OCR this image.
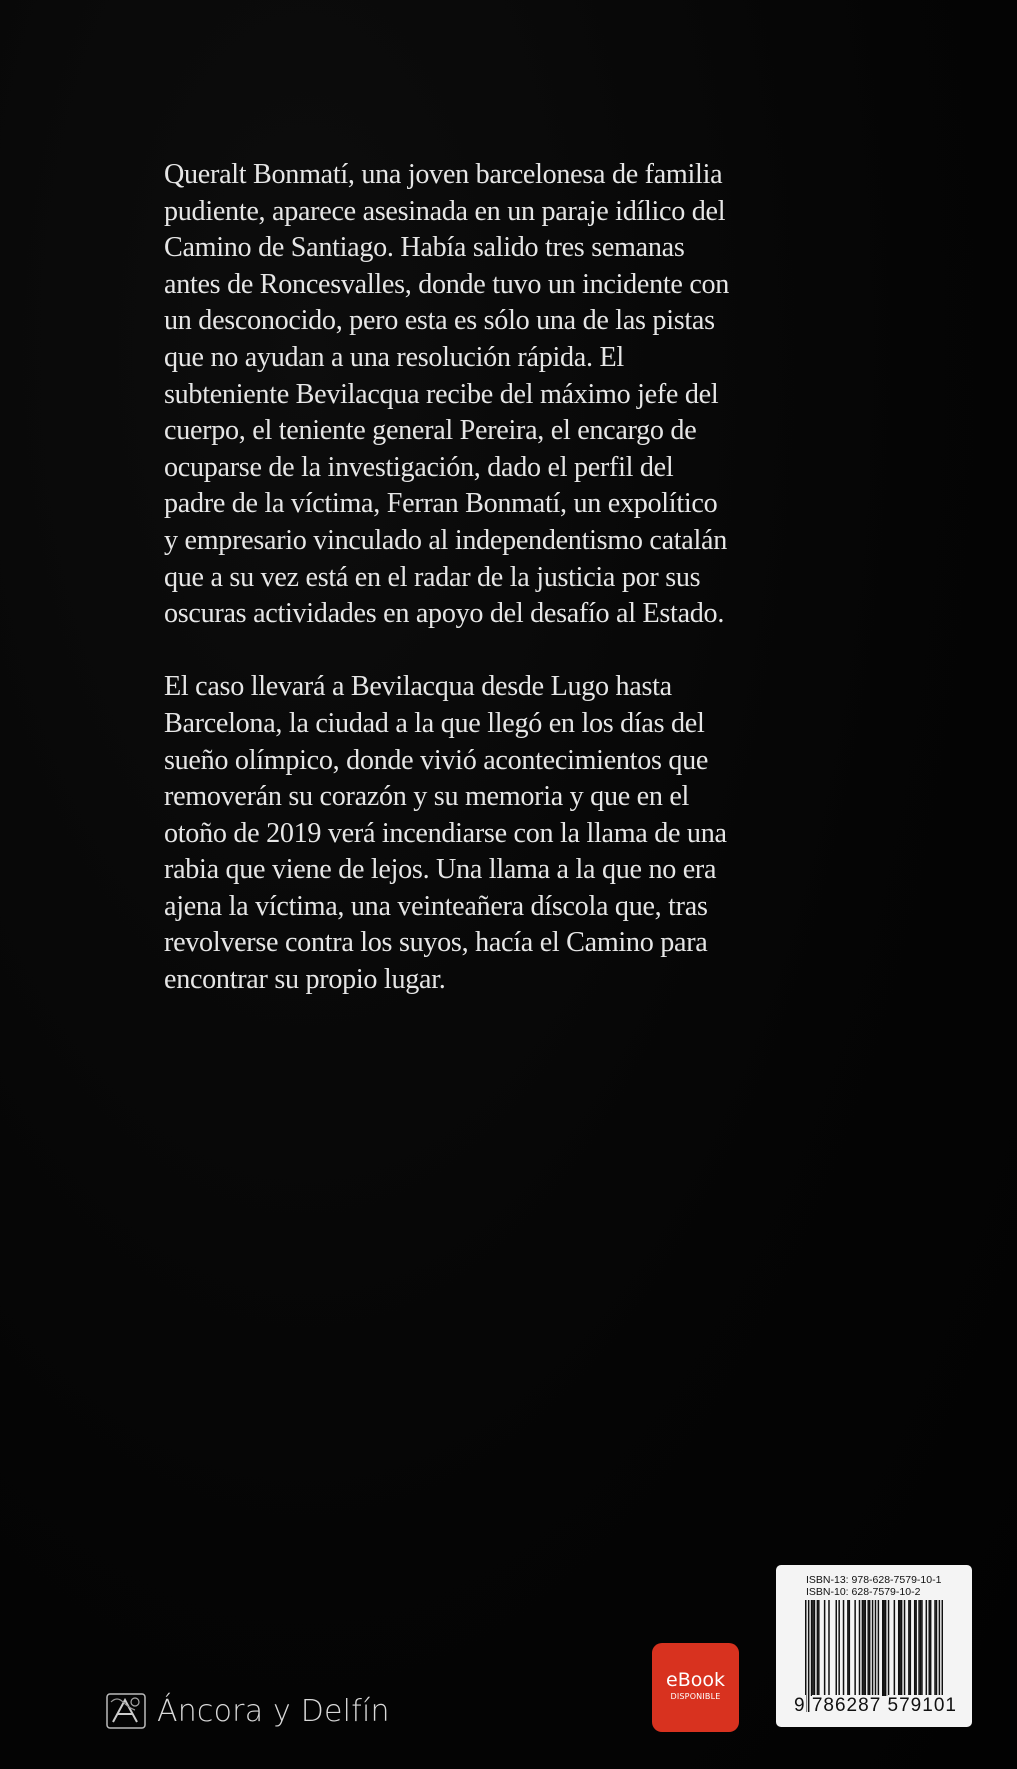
Queralt Bonmatí, una joven barcelonesa de familia
pudiente, aparece asesinada en un paraje idílico del
Camino de Santiago. Había salido tres semanas
antes de Roncesvalles, donde tuvo un incidente con
un desconocido, pero esta es sólo una de las pistas
que no ayudan a una resolución rápida. El
subteniente Bevilacqua recibe del máximo jefe del
cuerpo, el teniente general Pereira, el encargo de
ocuparse de la investigación, dado el perfil del
padre de la víctima, Ferran Bonmatí, un expolítico
y empresario vinculado al independentismo catalán
que a su vez está en el radar de la justicia por sus
oscuras actividades en apoyo del desafío al Estado.

El caso llevará a Bevilacqua desde Lugo hasta
Barcelona, la ciudad a la que llegó en los días del
sueño olímpico, donde vivió acontecimientos que
removerán su corazón y su memoria y que en el
otoño de 2019 verá incendiarse con la llama de una
rabia que viene de lejos. Una llama a la que no era
ajena la víctima, una veinteañera díscola que, tras
revolverse contra los suyos, hacía el Camino para
encontrar su propio lugar.

Áncora y Delfín
eBook
DISPONIBLE
ISBN-13: 978-628-7579-10-1
ISBN-10: 628-7579-10-2
9 786287 579101
